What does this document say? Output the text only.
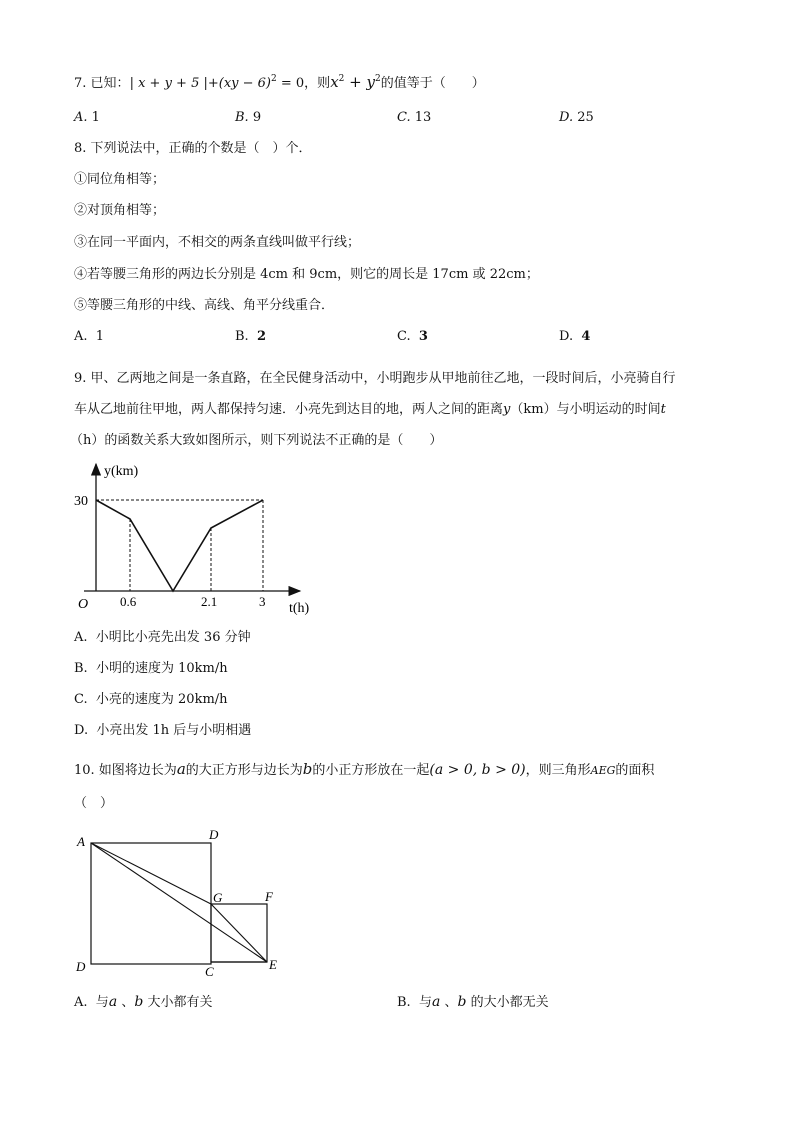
7. 已知：| x + y + 5 |+(xy − 6)$^2$ = 0，则$x^2 + y^2$的值等于（　　）
A. 1	B. 9	C. 13	D. 25
8. 下列说法中，正确的个数是（　）个．
①同位角相等；
②对顶角相等；
③在同一平面内，不相交的两条直线叫做平行线；
④若等腰三角形的两边长分别是 4cm 和 9cm，则它的周长是 17cm 或 22cm；
⑤等腰三角形的中线、高线、角平分线重合．
A. 1	B. 2	C. 3	D. 4
9. 甲、乙两地之间是一条直路，在全民健身活动中，小明跑步从甲地前往乙地，一段时间后，小亮骑自行
车从乙地前往甲地，两人都保持匀速．小亮先到达目的地，两人之间的距离y（km）与小明运动的时间t
（h）的函数关系大致如图所示，则下列说法不正确的是（　　）
y(km)
t(h)
O
30
0.6	2.1	3
A. 小明比小亮先出发 36 分钟
B. 小明的速度为 10km/h
C. 小亮的速度为 20km/h
D. 小亮出发 1h 后与小明相遇
10. 如图将边长为a的大正方形与边长为b的小正方形放在一起(a > 0, b > 0)，则三角形AEG的面积
（　）
A	D
G	F
D	C	E
A. 与a 、b 大小都有关	B. 与a 、b 的大小都无关
